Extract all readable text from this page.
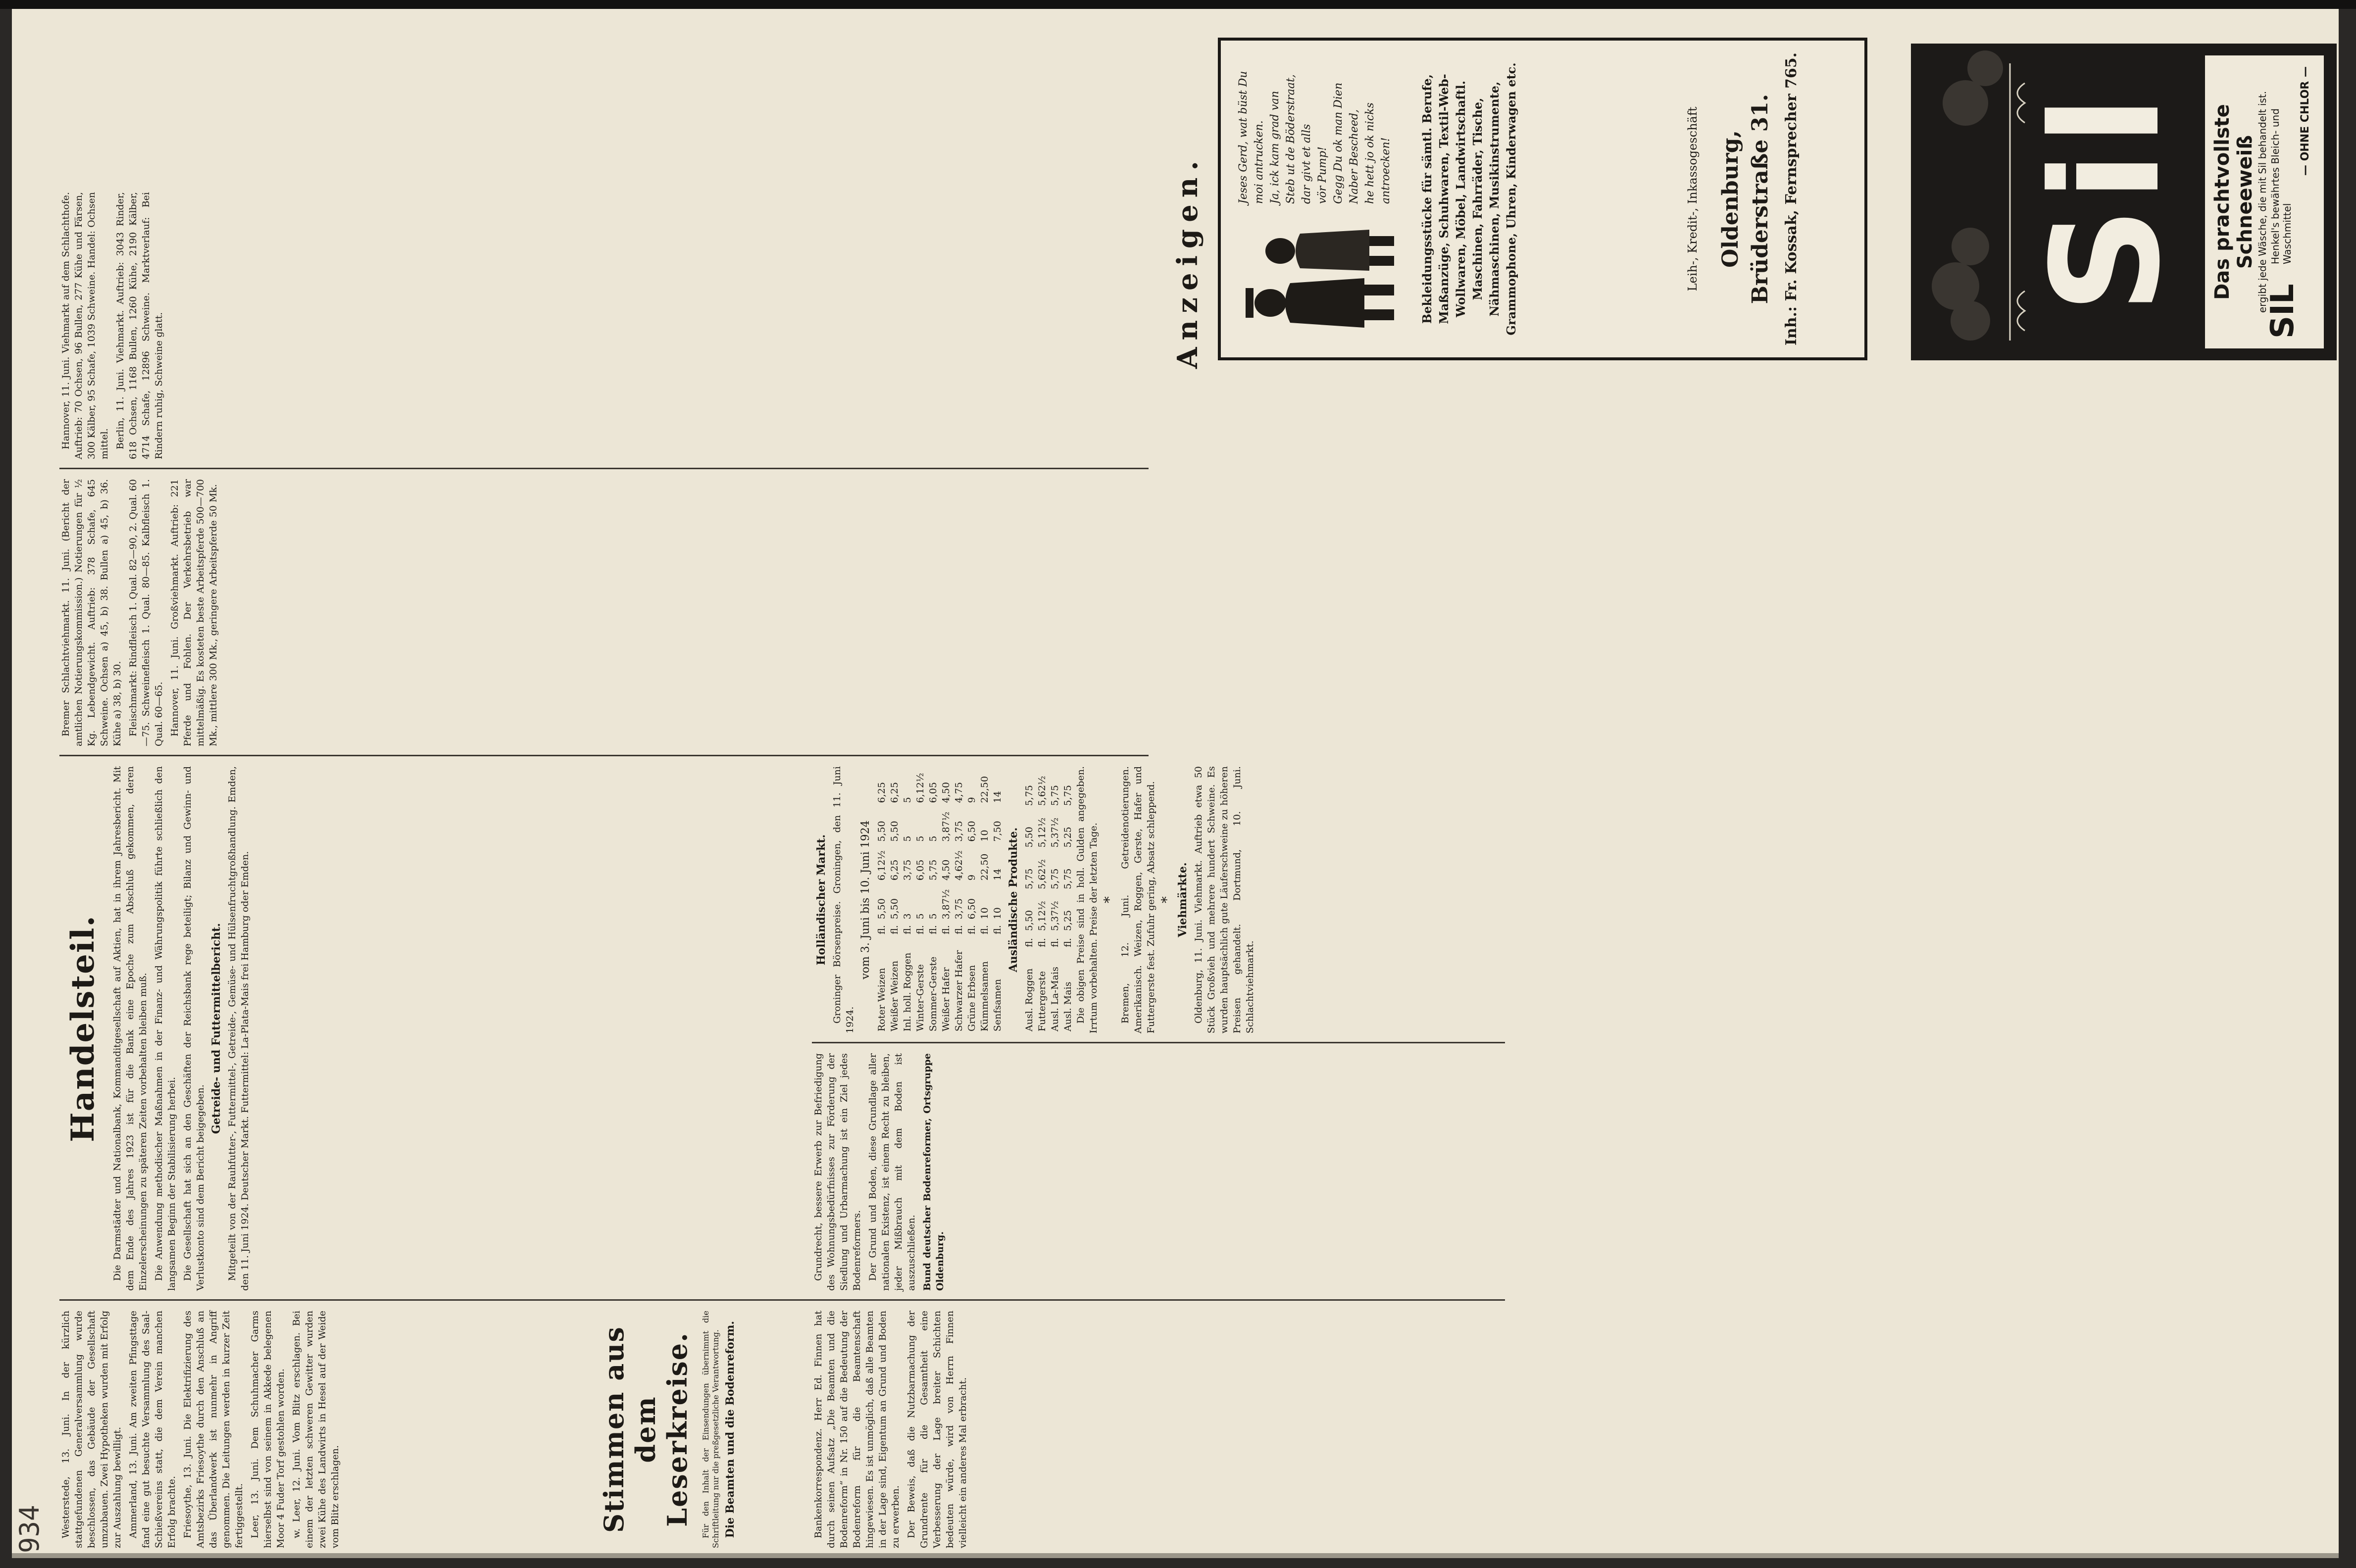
934 Westerstede, 13. Juni. In der kürzlich stattgefundenen Generalversammlung wurde beschlossen, das Gebäude der Gesellschaft umzubauen. Zwei Hypotheken wurden mit Erfolg zur Auszahlung bewilligt. Ammerland, 13. Juni. Am zweiten Pfingsttage fand eine gut besuchte Versammlung des Saal-Schießvereins statt, die dem Verein manchen Erfolg brachte. Friesoythe, 13. Juni. Die Elektrifizierung des Amtsbezirks Friesoythe durch den Anschluß an das Überlandwerk ist nunmehr in Angriff genommen. Die Leitungen werden in kurzer Zeit fertiggestellt. Leer, 13. Juni. Dem Schuhmacher Garms hierselbst sind von seinem in Akkede belegenen Moor 4 Fuder Torf gestohlen worden. w. Leer, 12. Juni. Vom Blitz erschlagen. Bei einem der letzten schweren Gewitter wurden zwei Kühe des Landwirts in Hesel auf der Weide vom Blitz erschlagen.	Stimmen aus dem Leserkreise. Für den Inhalt der Einsendungen übernimmt die Schriftleitung nur die preßgesetzliche Verantwortung. Die Beamten und die Bodenreform.	Bankenkorrespondenz. Herr Ed. Finnen hat durch seinen Aufsatz „Die Beamten und die Bodenreform“ in Nr. 150 auf die Bedeutung der Bodenreform für die Beamtenschaft hingewiesen. Es ist unmöglich, daß alle Beamten in der Lage sind, Eigentum an Grund und Boden zu erwerben. Der Beweis, daß die Nutzbarmachung der Grundrente für die Gesamtheit eine Verbesserung der Lage breiter Schichten bedeuten würde, wird von Herrn Finnen vielleicht ein anderes Mal erbracht.

Grundrecht, bessere Erwerb zur Befriedigung des Wohnungsbedürfnisses zur Förderung der Siedlung und Urbarmachung ist ein Ziel jedes Bodenreformers. Der Grund und Boden, diese Grundlage aller nationalen Existenz, ist einem Recht zu bleiben, jeder Mißbrauch mit dem Boden ist auszuschließen. Bund deutscher Bodenreformer, Ortsgruppe Oldenburg.

Handelsteil. Die Darmstädter und Nationalbank, Kommanditgesellschaft auf Aktien, hat in ihrem Jahresbericht. Mit dem Ende des Jahres 1923 ist für die Bank eine Epoche zum Abschluß gekommen, deren Einzelerscheinungen zu späteren Zeiten vorbehalten bleiben muß. Die Anwendung methodischer Maßnahmen in der Finanz- und Währungspolitik führte schließlich den langsamen Beginn der Stabilisierung herbei. Die Gesellschaft hat sich an den Geschäften der Reichsbank rege beteiligt; Bilanz und Gewinn- und Verlustkonto sind dem Bericht beigegeben.

Getreide- und Futtermittelbericht. Mitgeteilt von der Rauhfutter-, Futtermittel-, Getreide-, Gemüse- und Hülsenfruchtgroßhandlung. Emden, den 11. Juni 1924. Deutscher Markt. Futtermittel: La-Plata-Mais frei Hamburg oder Emden.	Holländischer Markt. Groninger Börsenpreise. Groningen, den 11. Juni 1924.

vom 3. Juni bis 10. Juni 1924
Roter Weizen	fl.	5,50	6,12½	5,50	6,25
Weißer Weizen	fl.	5,50	6,25	5,50	6,25
Inl. holl. Roggen	fl.	3	3,75	5	5
Winter-Gerste	fl.	5	6,05	5	6,12½
Sommer-Gerste	fl.	5	5,75	5	6,05
Weißer Hafer	fl.	3,87½	4,50	3,87½	4,50
Schwarzer Hafer	fl.	3,75	4,62½	3,75	4,75
Grüne Erbsen	fl.	6,50	9	6,50	9
Kümmelsamen	fl.	10	22,50	10	22,50
Senfsamen	fl.	10	14	7,50	14
Ausländische Produkte.
Ausl. Roggen	fl.	5,50	5,75	5,50	5,75
Futtergerste	fl.	5,12½	5,62½	5,12½	5,62½
Ausl. La-Mais	fl.	5,37½	5,75	5,37½	5,75
Ausl. Mais	fl.	5,25	5,75	5,25	5,75 Die obigen Preise sind in holl. Gulden angegeben. Irrtum vorbehalten. Preise der letzten Tage. * Bremen, 12. Juni. Getreidenotierungen. Amerikanisch. Weizen, Roggen, Gerste, Hafer und Futtergerste fest. Zufuhr gering, Absatz schleppend. * Viehmärkte. Oldenburg, 11. Juni. Viehmarkt. Auftrieb etwa 50 Stück Großvieh und mehrere hundert Schweine. Es wurden hauptsächlich gute Läuferschweine zu höheren Preisen gehandelt. Dortmund, 10. Juni. Schlachtviehmarkt.

Bremer Schlachtviehmarkt. 11. Juni. (Bericht der amtlichen Notierungskommission.) Notierungen für ½ Kg. Lebendgewicht. Auftrieb: 378 Schafe, 645 Schweine. Ochsen a) 45, b) 38. Bullen a) 45, b) 36. Kühe a) 38, b) 30. Fleischmarkt: Rindfleisch 1. Qual. 82—90, 2. Qual. 60—75. Schweinefleisch 1. Qual. 80—85. Kalbfleisch 1. Qual. 60—65. Hannover, 11. Juni. Großviehmarkt. Auftrieb: 221 Pferde und Fohlen. Der Verkehrsbetrieb war mittelmäßig. Es kosteten beste Arbeitspferde 500—700 Mk., mittlere 300 Mk., geringere Arbeitspferde 50 Mk.

Hannover, 11. Juni. Viehmarkt auf dem Schlachthofe. Auftrieb: 70 Ochsen, 96 Bullen, 277 Kühe und Färsen, 300 Kälber, 95 Schafe, 1039 Schweine. Handel: Ochsen mittel. Berlin, 11. Juni. Viehmarkt. Auftrieb: 3043 Rinder, 618 Ochsen, 1168 Bullen, 1260 Kühe, 2190 Kälber, 4714 Schafe, 12896 Schweine. Marktverlauf: Bei Rindern ruhig, Schweine glatt.

Anzeigen.
Jeses Gerd, wat büst Du moi antrucken. Ja, ick kam grad van Steb ut de Böderstraat, dar givt et alls vör Pump! Gegg Du ok man Dien Naber Bescheed, he hett jo ok nicks antroecken! Bekleidungsstücke für sämtl. Berufe, Maßanzüge, Schuhwaren, Textil-Web-Wollwaren, Möbel, Landwirtschaftl. Maschinen, Fahrräder, Tische, Nähmaschinen, Musikinstrumente, Grammophone, Uhren, Kinderwagen etc.	Leih-, Kredit-, Inkassogeschäft Oldenburg, Brüderstraße 31. Inh.: Fr. Kossak, Fernsprecher 765. Sil Das prachtvollste Schneeweiß ergibt jede Wäsche, die mit Sil behandelt ist.
SIL
Henkel's bewährtes Bleich- und Waschmittel
— OHNE CHLOR —
